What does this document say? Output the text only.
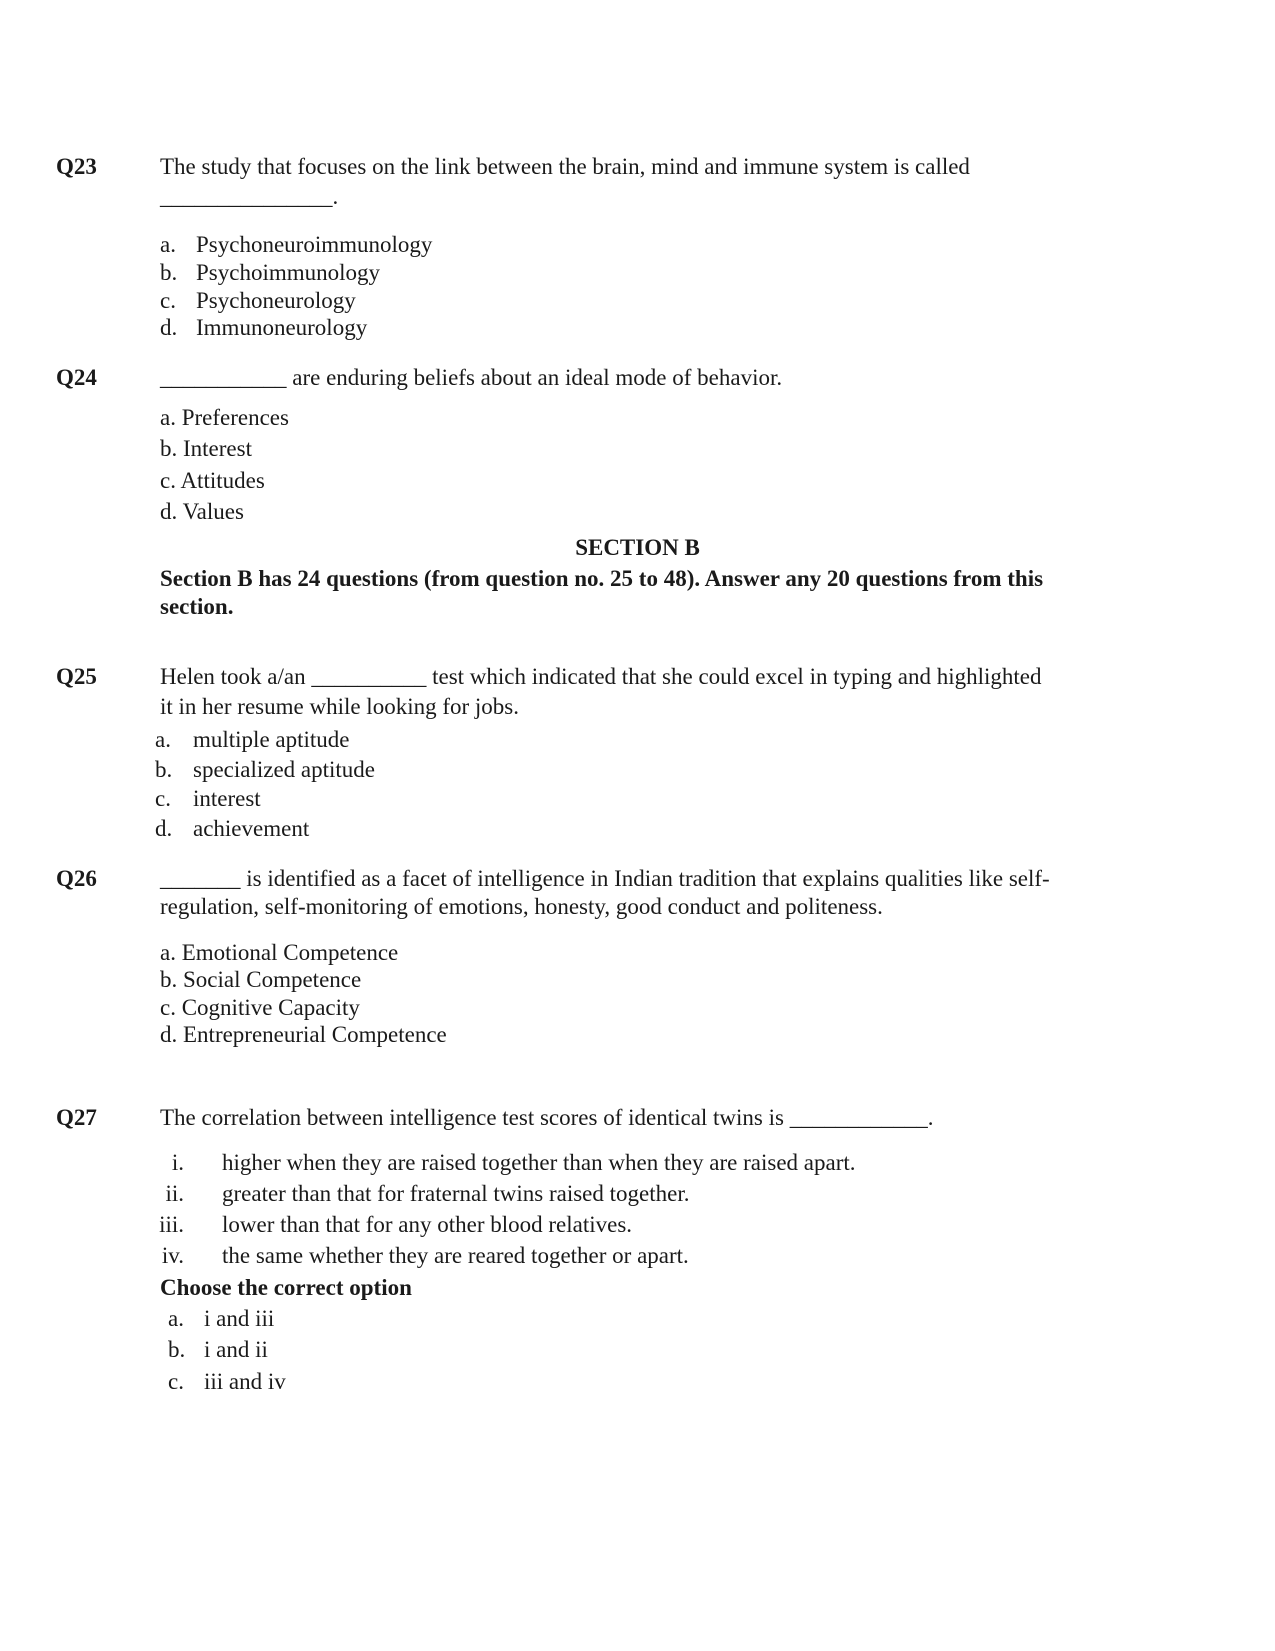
Q23	The study that focuses on the link between the brain, mind and immune system is called
_______________.
a. Psychoneuroimmunology
b. Psychoimmunology
c. Psychoneurology
d. Immunoneurology
Q24	___________ are enduring beliefs about an ideal mode of behavior.
a. Preferences
b. Interest
c. Attitudes
d. Values
SECTION B
Section B has 24 questions (from question no. 25 to 48). Answer any 20 questions from this
section.
Q25	Helen took a/an __________ test which indicated that she could excel in typing and highlighted
it in her resume while looking for jobs.
a. multiple aptitude
b. specialized aptitude
c. interest
d. achievement
Q26	_______ is identified as a facet of intelligence in Indian tradition that explains qualities like self-
regulation, self-monitoring of emotions, honesty, good conduct and politeness.
a. Emotional Competence
b. Social Competence
c. Cognitive Capacity
d. Entrepreneurial Competence
Q27	The correlation between intelligence test scores of identical twins is ____________.
i. higher when they are raised together than when they are raised apart.
ii. greater than that for fraternal twins raised together.
iii. lower than that for any other blood relatives.
iv. the same whether they are reared together or apart.
Choose the correct option
a. i and iii
b. i and ii
c. iii and iv
